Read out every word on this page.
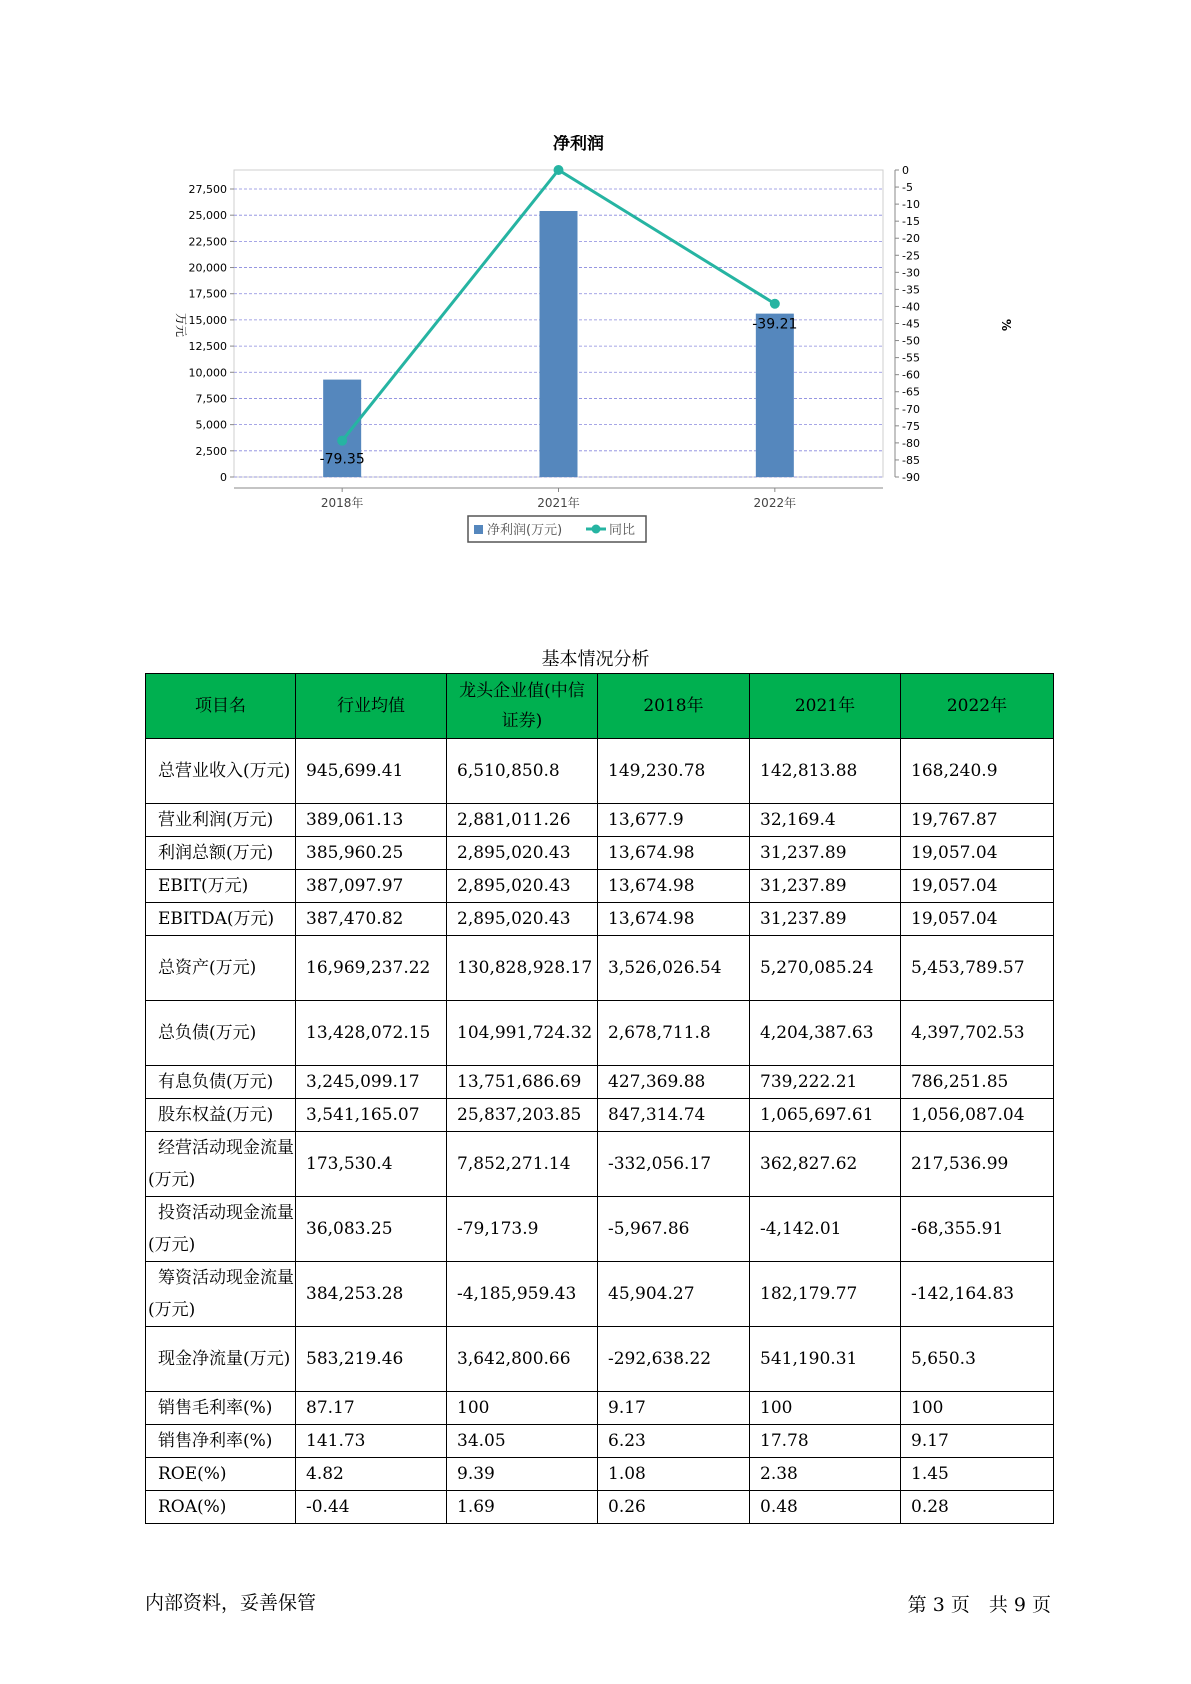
净利润
0
2,500
5,000
7,500
10,000
12,500
15,000
17,500
20,000
22,500
25,000
27,500
万元
0
-5
-10
-15
-20
-25
-30
-35
-40
-45
-50
-55
-60
-65
-70
-75
-80
-85
-90
%
2018年	2021年	2022年
-79.35
-39.21
净利润(万元)	同比
基本情况分析
项目名	行业均值	龙头企业值(中信证券)	2018年	2021年	2022年
总营业收入(万元)	945,699.41	6,510,850.8	149,230.78	142,813.88	168,240.9
营业利润(万元)	389,061.13	2,881,011.26	13,677.9	32,169.4	19,767.87
利润总额(万元)	385,960.25	2,895,020.43	13,674.98	31,237.89	19,057.04
EBIT(万元)	387,097.97	2,895,020.43	13,674.98	31,237.89	19,057.04
EBITDA(万元)	387,470.82	2,895,020.43	13,674.98	31,237.89	19,057.04
总资产(万元)	16,969,237.22	130,828,928.17	3,526,026.54	5,270,085.24	5,453,789.57
总负债(万元)	13,428,072.15	104,991,724.32	2,678,711.8	4,204,387.63	4,397,702.53
有息负债(万元)	3,245,099.17	13,751,686.69	427,369.88	739,222.21	786,251.85
股东权益(万元)	3,541,165.07	25,837,203.85	847,314.74	1,065,697.61	1,056,087.04
经营活动现金流量(万元)	173,530.4	7,852,271.14	-332,056.17	362,827.62	217,536.99
投资活动现金流量(万元)	36,083.25	-79,173.9	-5,967.86	-4,142.01	-68,355.91
筹资活动现金流量(万元)	384,253.28	-4,185,959.43	45,904.27	182,179.77	-142,164.83
现金净流量(万元)	583,219.46	3,642,800.66	-292,638.22	541,190.31	5,650.3
销售毛利率(%)	87.17	100	9.17	100	100
销售净利率(%)	141.73	34.05	6.23	17.78	9.17
ROE(%)	4.82	9.39	1.08	2.38	1.45
ROA(%)	-0.44	1.69	0.26	0.48	0.28
内部资料，妥善保管	第 3 页　共 9 页
